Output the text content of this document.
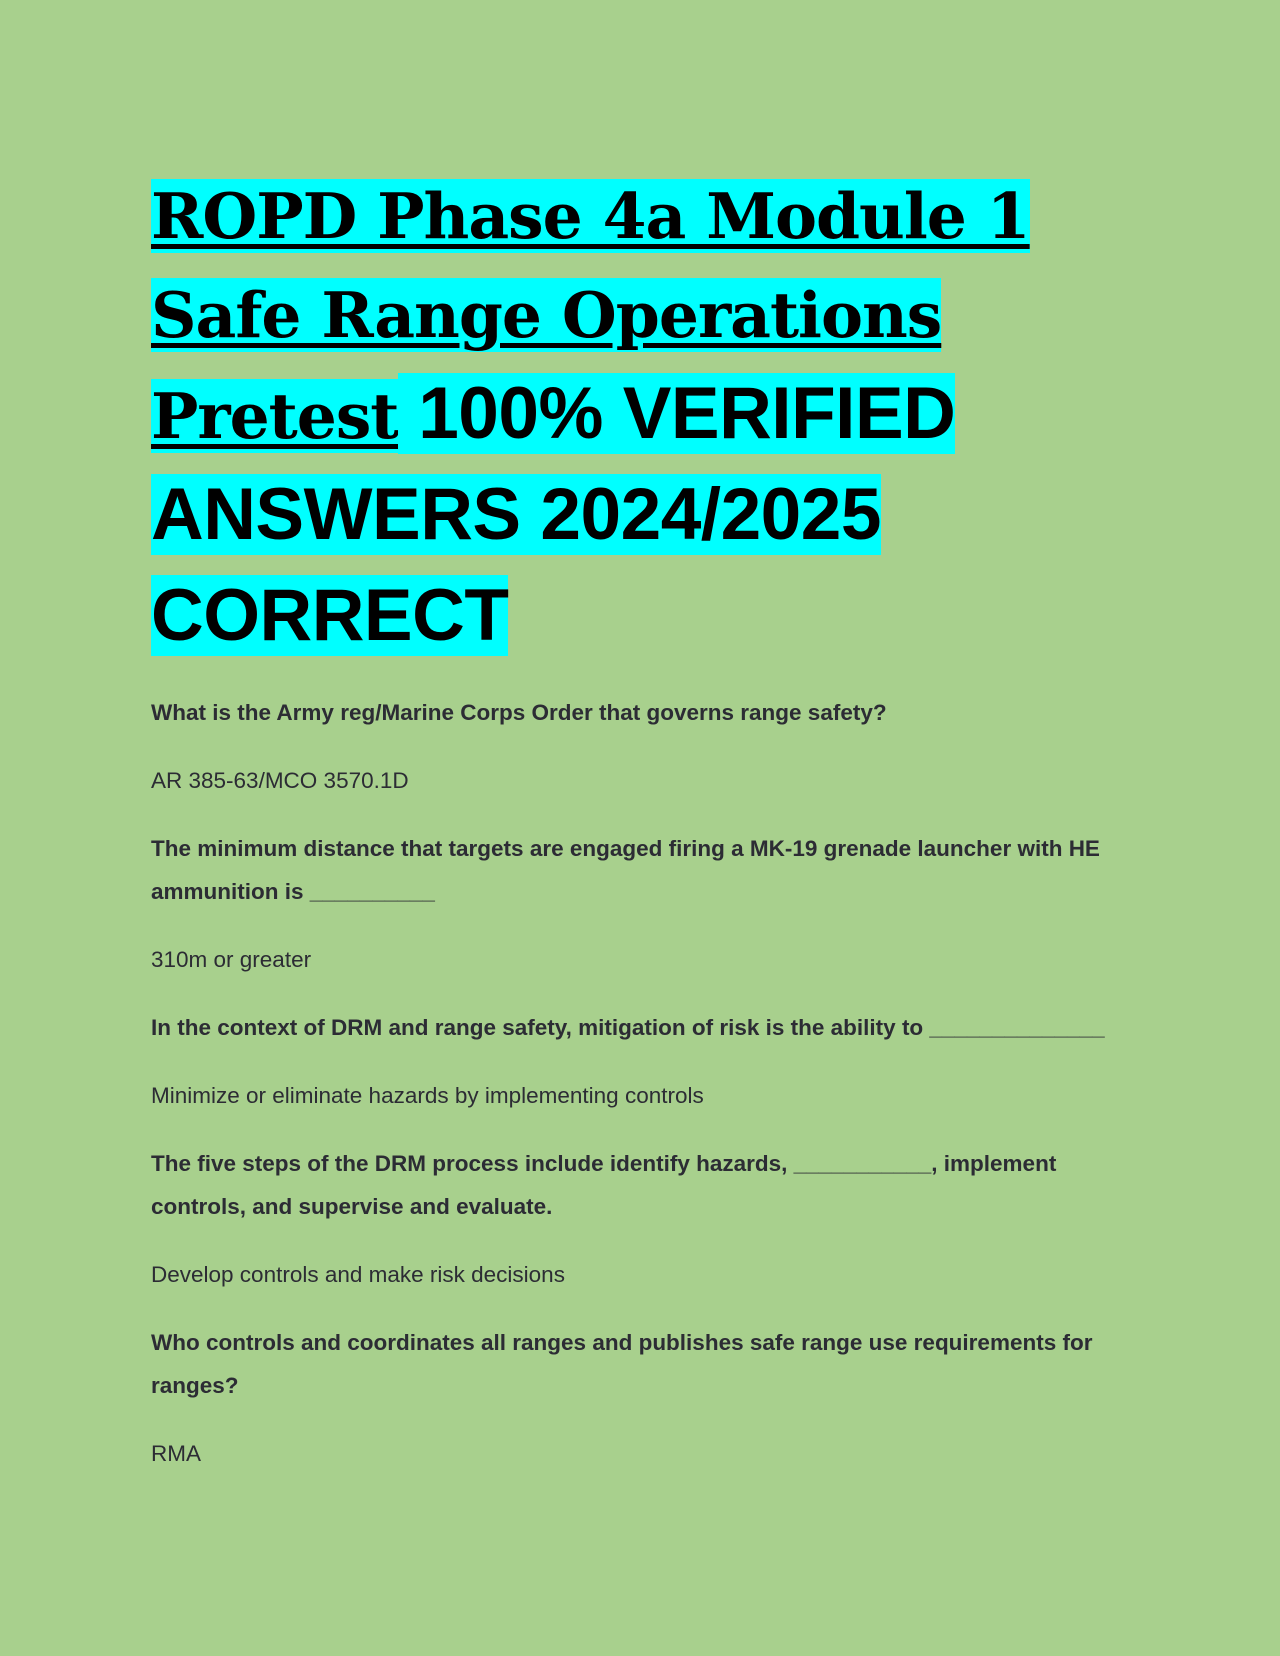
ROPD Phase 4a Module 1
Safe Range Operations
Pretest 100% VERIFIED
ANSWERS 2024/2025
CORRECT

What is the Army reg/Marine Corps Order that governs range safety?

AR 385-63/MCO 3570.1D

The minimum distance that targets are engaged firing a MK-19 grenade launcher with HE ammunition is __________

310m or greater

In the context of DRM and range safety, mitigation of risk is the ability to ______________

Minimize or eliminate hazards by implementing controls

The five steps of the DRM process include identify hazards, ___________, implement controls, and supervise and evaluate.

Develop controls and make risk decisions

Who controls and coordinates all ranges and publishes safe range use requirements for ranges?

RMA
